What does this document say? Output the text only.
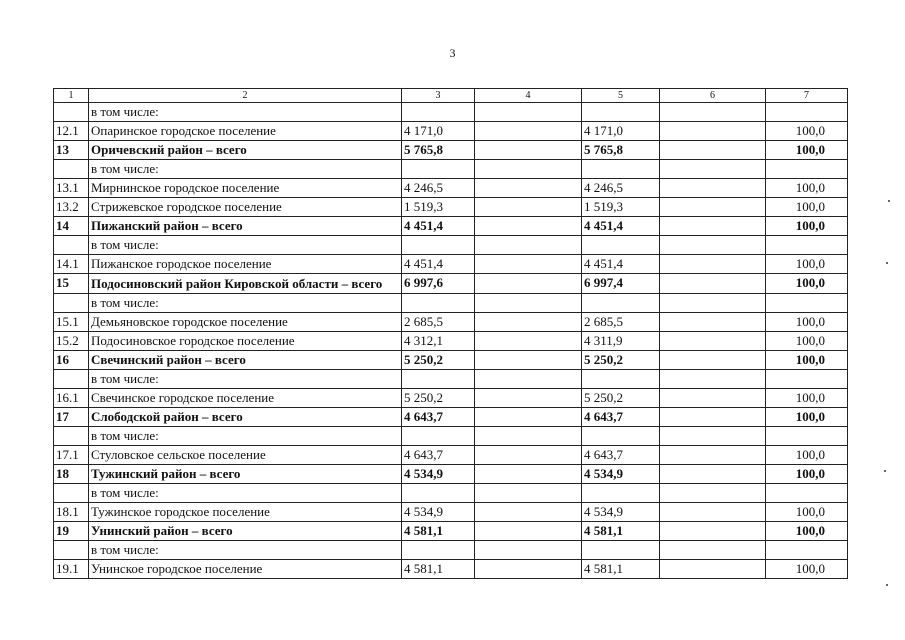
3
1	2	3	4	5	6	7
	в том числе:					
12.1	Опаринское городское поселение	4 171,0		4 171,0		100,0
13	Оричевский район – всего	5 765,8		5 765,8		100,0
	в том числе:					
13.1	Мирнинское городское поселение	4 246,5		4 246,5		100,0
13.2	Стрижевское городское поселение	1 519,3		1 519,3		100,0
14	Пижанский район – всего	4 451,4		4 451,4		100,0
	в том числе:					
14.1	Пижанское городское поселение	4 451,4		4 451,4		100,0
15	Подосиновский район Кировской области – всего	6 997,6		6 997,4		100,0
	в том числе:					
15.1	Демьяновское городское поселение	2 685,5		2 685,5		100,0
15.2	Подосиновское городское поселение	4 312,1		4 311,9		100,0
16	Свечинский район – всего	5 250,2		5 250,2		100,0
	в том числе:					
16.1	Свечинское городское поселение	5 250,2		5 250,2		100,0
17	Слободской район – всего	4 643,7		4 643,7		100,0
	в том числе:					
17.1	Стуловское сельское поселение	4 643,7		4 643,7		100,0
18	Тужинский район – всего	4 534,9		4 534,9		100,0
	в том числе:					
18.1	Тужинское городское поселение	4 534,9		4 534,9		100,0
19	Унинский район – всего	4 581,1		4 581,1		100,0
	в том числе:					
19.1	Унинское городское поселение	4 581,1		4 581,1		100,0
